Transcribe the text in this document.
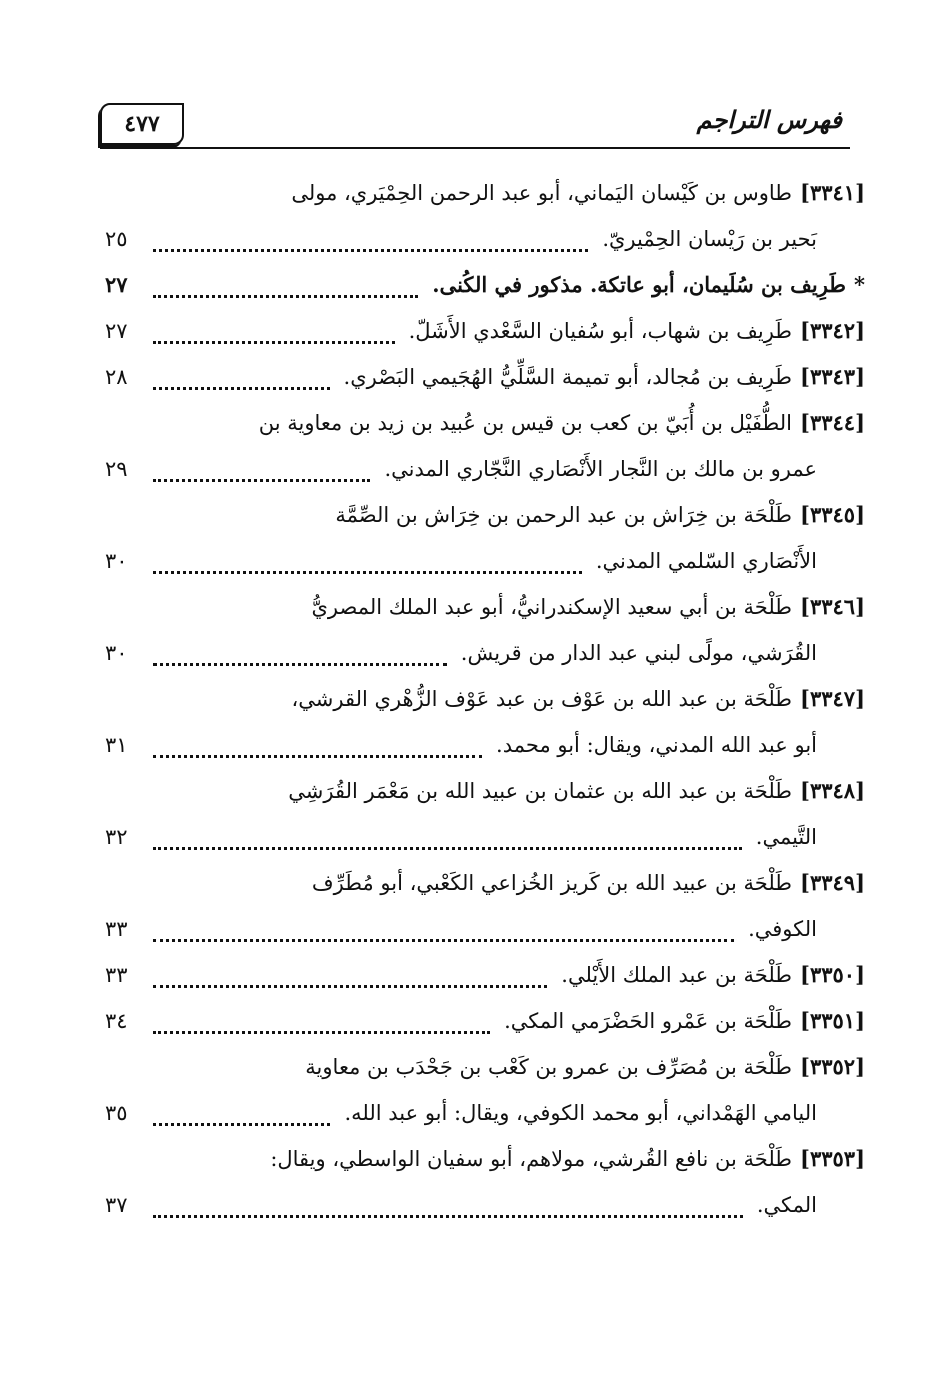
فهرس التراجم
٤٧٧
[٣٣٤١]طاوس بن كَيْسان اليَماني، أبو عبد الرحمن الحِمْيَري، مولى
بَحير بن رَيْسان الحِمْيريّ.
٢٥
*طَرِيف بن سُلَيمان، أبو عاتكة. مذكور في الكُنى.
٢٧
[٣٣٤٢]طَرِيف بن شهاب، أبو سُفيان السَّعْدي الأَشَلّ.
٢٧
[٣٣٤٣]طَرِيف بن مُجالد، أبو تميمة السَّلِّيُّ الهُجَيمي البَصْري.
٢٨
[٣٣٤٤]الطُّفَيْل بن أُبَيّ بن كعب بن قيس بن عُبيد بن زيد بن معاوية بن
عمرو بن مالك بن النَّجار الأَنْصَاري النَّجّاري المدني.
٢٩
[٣٣٤٥]طَلْحَة بن خِرَاش بن عبد الرحمن بن خِرَاش بن الصِّمَّة
الأَنْصَاري السّلمي المدني.
٣٠
[٣٣٤٦]طَلْحَة بن أبي سعيد الإسكندرانيُّ، أبو عبد الملك المصريُّ
القُرَشي، مولًى لبني عبد الدار من قريش.
٣٠
[٣٣٤٧]طَلْحَة بن عبد الله بن عَوْف بن عبد عَوْف الزُّهْري القرشي،
أبو عبد الله المدني، ويقال: أبو محمد.
٣١
[٣٣٤٨]طَلْحَة بن عبد الله بن عثمان بن عبيد الله بن مَعْمَر القُرَشِي
التَّيمي.
٣٢
[٣٣٤٩]طَلْحَة بن عبيد الله بن كَريز الخُزاعي الكَعْبي، أبو مُطَرِّف
الكوفي.
٣٣
[٣٣٥٠]طَلْحَة بن عبد الملك الأَيْلي.
٣٣
[٣٣٥١]طَلْحَة بن عَمْرو الحَضْرَمي المكي.
٣٤
[٣٣٥٢]طَلْحَة بن مُصَرِّف بن عمرو بن كَعْب بن جَحْدَب بن معاوية
اليامي الهَمْداني، أبو محمد الكوفي، ويقال: أبو عبد الله.
٣٥
[٣٣٥٣]طَلْحَة بن نافع القُرشي، مولاهم، أبو سفيان الواسطي، ويقال:
المكي.
٣٧
